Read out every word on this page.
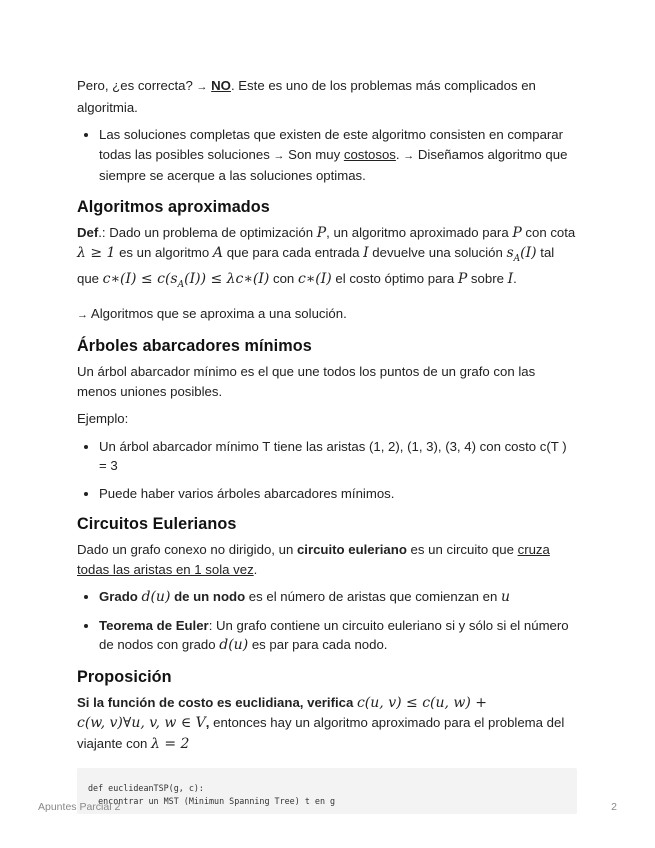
Pero, ¿es correcta? → NO. Este es uno de los problemas más complicados en algoritmia.

• Las soluciones completas que existen de este algoritmo consisten en comparar todas las posibles soluciones → Son muy costosos. → Diseñamos algoritmo que siempre se acerque a las soluciones optimas.
Algoritmos aproximados

Def.: Dado un problema de optimización P, un algoritmo aproximado para P con cota λ ≥ 1 es un algoritmo A que para cada entrada I devuelve una solución $s_A(I)$ tal que c∗(I) ≤ $c(s_A(I))$ ≤ λc∗(I) con c∗(I) el costo óptimo para P sobre I.

→ Algoritmos que se aproxima a una solución.

Árboles abarcadores mínimos

Un árbol abarcador mínimo es el que une todos los puntos de un grafo con las menos uniones posibles.

Ejemplo:

• Un árbol abarcador mínimo T tiene las aristas (1, 2), (1, 3), (3, 4) con costo c(T ) = 3
• Puede haber varios árboles abarcadores mínimos.
Circuitos Eulerianos

Dado un grafo conexo no dirigido, un circuito euleriano es un circuito que cruza todas las aristas en 1 sola vez.

• Grado d(u) de un nodo es el número de aristas que comienzan en u
• Teorema de Euler: Un grafo contiene un circuito euleriano si y sólo si el número de nodos con grado d(u) es par para cada nodo.
Proposición

Si la función de costo es euclidiana, verifica c(u, v) ≤ c(u, w) +
c(w, v)∀u, v, w ∈ V, entonces hay un algoritmo aproximado para el problema del viajante con λ = 2

def euclideanTSP(g, c):
encontrar un MST (Minimun Spanning Tree) t en g
Apuntes Parcial 2	2
